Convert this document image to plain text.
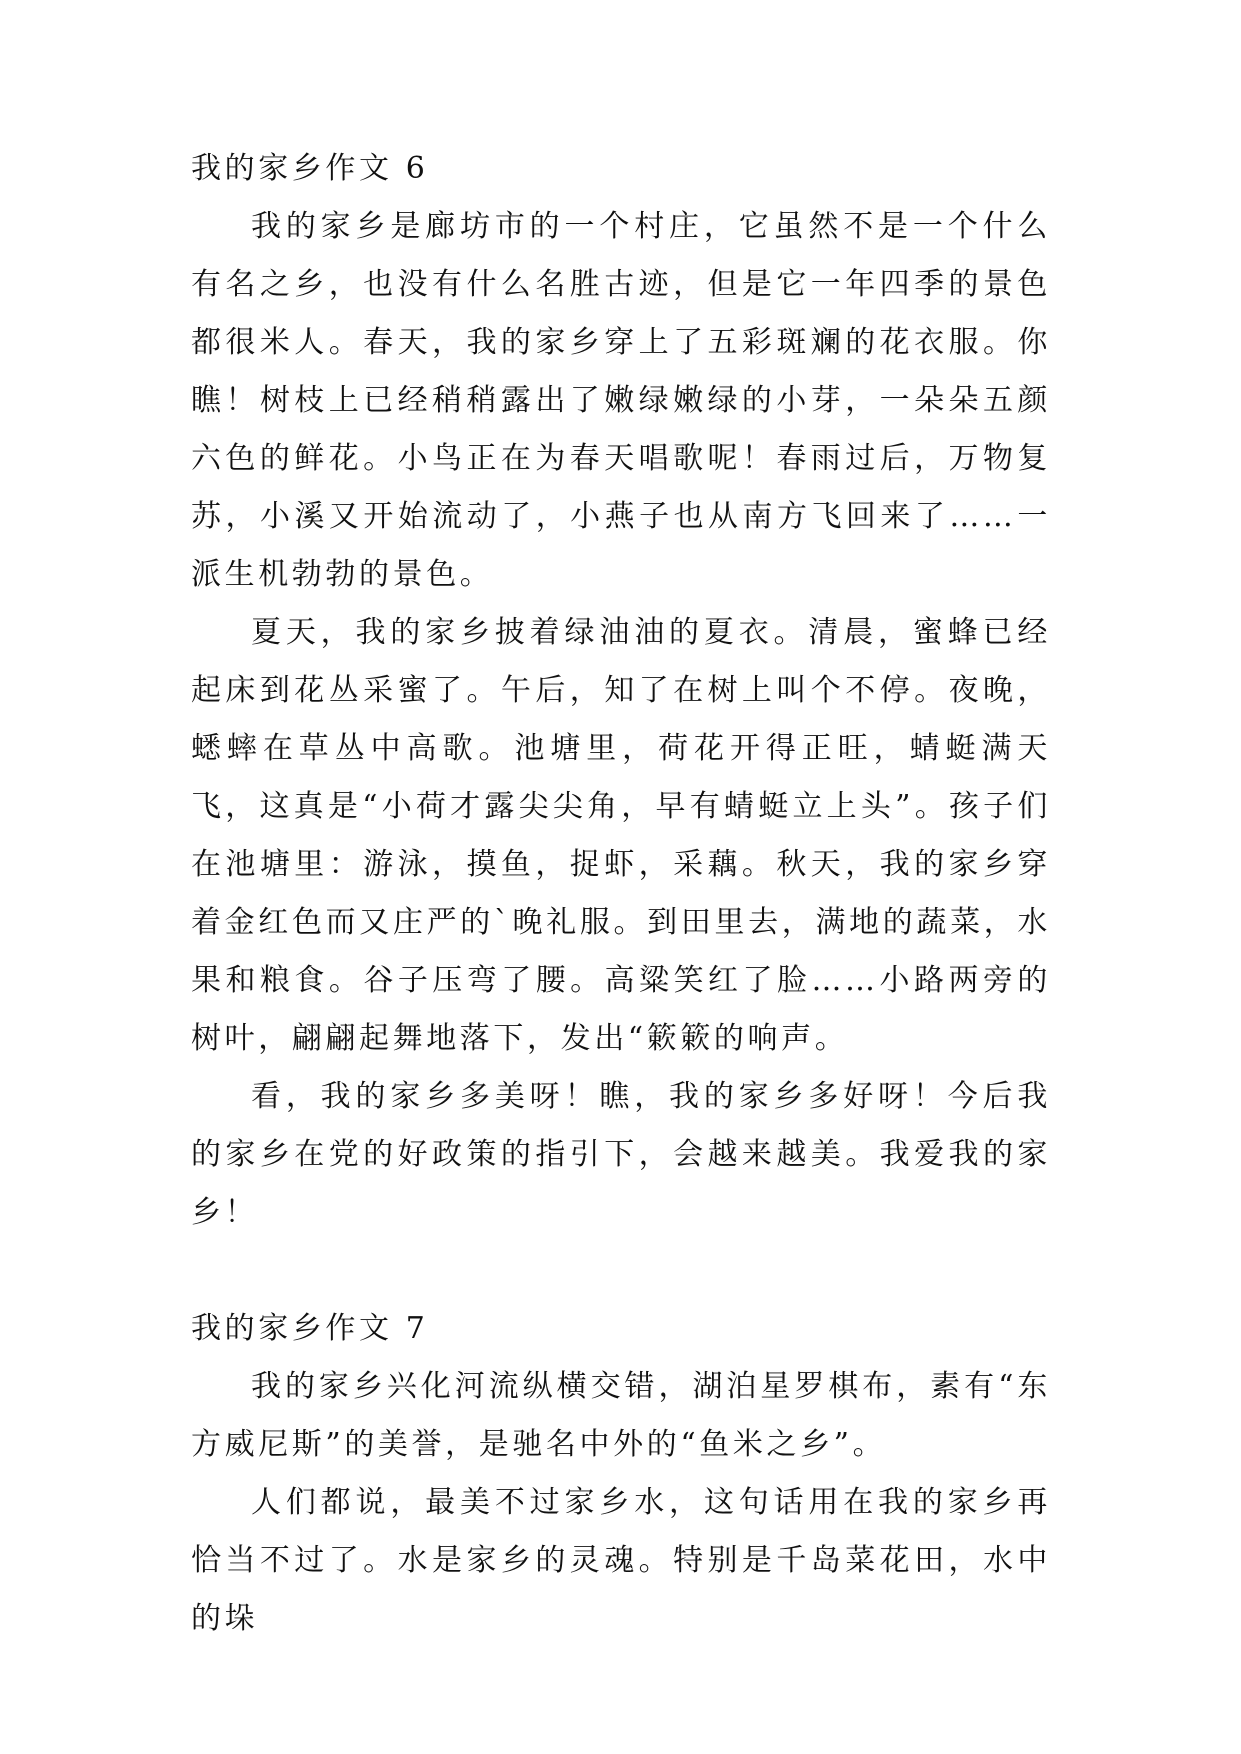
我的家乡作文 6

我的家乡是廊坊市的一个村庄，它虽然不是一个什么有名之乡，也没有什么名胜古迹，但是它一年四季的景色都很米人。春天，我的家乡穿上了五彩斑斓的花衣服。你瞧！树枝上已经稍稍露出了嫩绿嫩绿的小芽，一朵朵五颜六色的鲜花。小鸟正在为春天唱歌呢！春雨过后，万物复苏，小溪又开始流动了，小燕子也从南方飞回来了……一派生机勃勃的景色。

夏天，我的家乡披着绿油油的夏衣。清晨，蜜蜂已经起床到花丛采蜜了。午后，知了在树上叫个不停。夜晚，蟋蟀在草丛中高歌。池塘里，荷花开得正旺，蜻蜓满天飞，这真是“小荷才露尖尖角，早有蜻蜓立上头”。孩子们在池塘里：游泳，摸鱼，捉虾，采藕。秋天，我的家乡穿着金红色而又庄严的`晚礼服。到田里去，满地的蔬菜，水果和粮食。谷子压弯了腰。高粱笑红了脸……小路两旁的树叶，翩翩起舞地落下，发出“簌簌的响声。

看，我的家乡多美呀！瞧，我的家乡多好呀！今后我的家乡在党的好政策的指引下，会越来越美。我爱我的家乡！

我的家乡作文 7

我的家乡兴化河流纵横交错，湖泊星罗棋布，素有“东方威尼斯”的美誉，是驰名中外的“鱼米之乡”。

人们都说，最美不过家乡水，这句话用在我的家乡再恰当不过了。水是家乡的灵魂。特别是千岛菜花田，水中的垛
